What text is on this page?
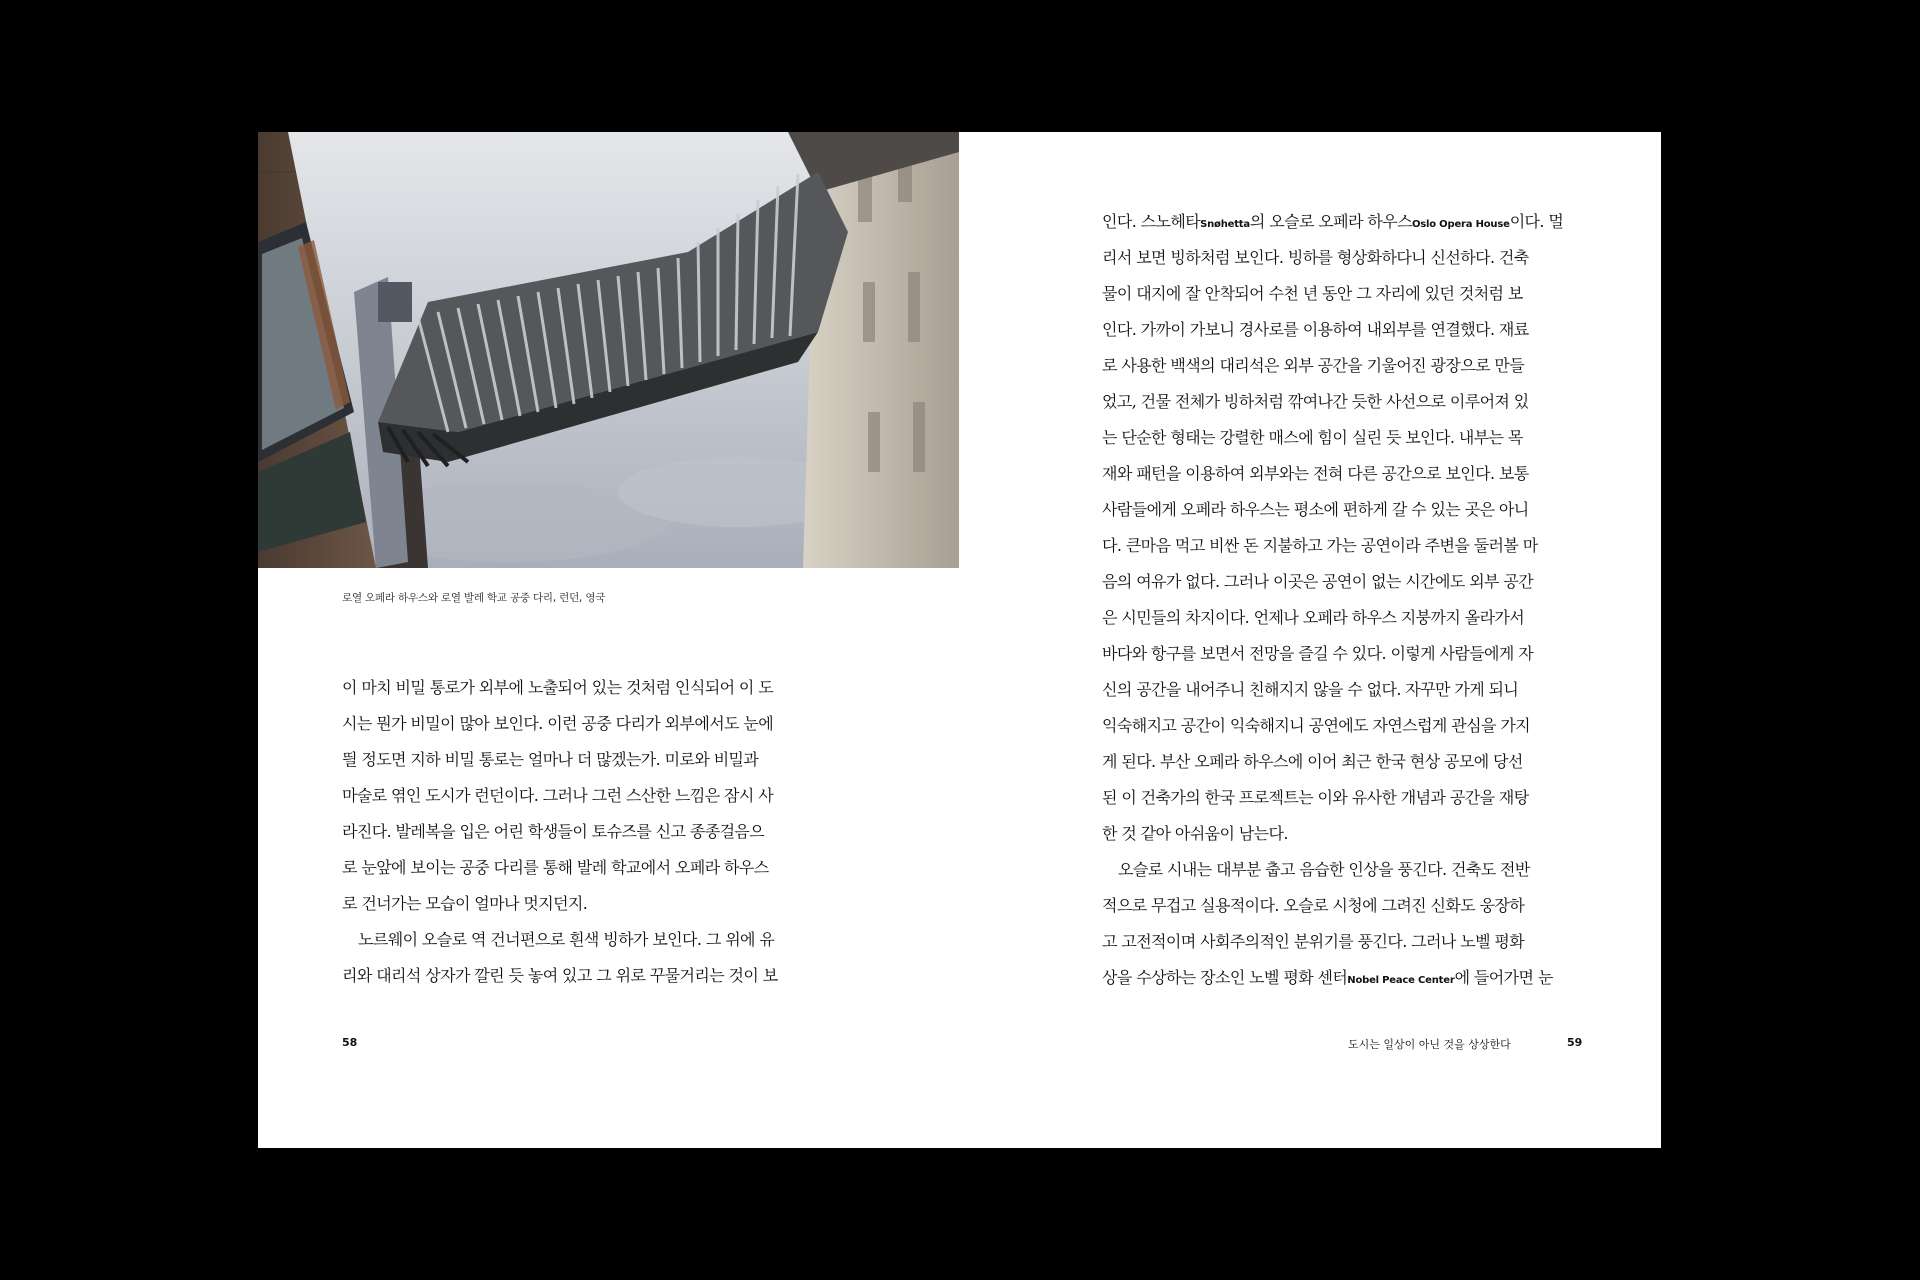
로열 오페라 하우스와 로열 발레 학교 공중 다리, 런던, 영국

이 마치 비밀 통로가 외부에 노출되어 있는 것처럼 인식되어 이 도

시는 뭔가 비밀이 많아 보인다. 이런 공중 다리가 외부에서도 눈에

띌 정도면 지하 비밀 통로는 얼마나 더 많겠는가. 미로와 비밀과

마술로 엮인 도시가 런던이다. 그러나 그런 스산한 느낌은 잠시 사

라진다. 발레복을 입은 어린 학생들이 토슈즈를 신고 종종걸음으

로 눈앞에 보이는 공중 다리를 통해 발레 학교에서 오페라 하우스

로 건너가는 모습이 얼마나 멋지던지.

노르웨이 오슬로 역 건너편으로 흰색 빙하가 보인다. 그 위에 유

리와 대리석 상자가 깔린 듯 놓여 있고 그 위로 꾸물거리는 것이 보

58

인다. 스노헤타Snøhetta의 오슬로 오페라 하우스Oslo Opera House이다. 멀

리서 보면 빙하처럼 보인다. 빙하를 형상화하다니 신선하다. 건축

물이 대지에 잘 안착되어 수천 년 동안 그 자리에 있던 것처럼 보

인다. 가까이 가보니 경사로를 이용하여 내외부를 연결했다. 재료

로 사용한 백색의 대리석은 외부 공간을 기울어진 광장으로 만들

었고, 건물 전체가 빙하처럼 깎여나간 듯한 사선으로 이루어져 있

는 단순한 형태는 강렬한 매스에 힘이 실린 듯 보인다. 내부는 목

재와 패턴을 이용하여 외부와는 전혀 다른 공간으로 보인다. 보통

사람들에게 오페라 하우스는 평소에 편하게 갈 수 있는 곳은 아니

다. 큰마음 먹고 비싼 돈 지불하고 가는 공연이라 주변을 둘러볼 마

음의 여유가 없다. 그러나 이곳은 공연이 없는 시간에도 외부 공간

은 시민들의 차지이다. 언제나 오페라 하우스 지붕까지 올라가서

바다와 항구를 보면서 전망을 즐길 수 있다. 이렇게 사람들에게 자

신의 공간을 내어주니 친해지지 않을 수 없다. 자꾸만 가게 되니

익숙해지고 공간이 익숙해지니 공연에도 자연스럽게 관심을 가지

게 된다. 부산 오페라 하우스에 이어 최근 한국 현상 공모에 당선

된 이 건축가의 한국 프로젝트는 이와 유사한 개념과 공간을 재탕

한 것 같아 아쉬움이 남는다.

오슬로 시내는 대부분 춥고 음습한 인상을 풍긴다. 건축도 전반

적으로 무겁고 실용적이다. 오슬로 시청에 그려진 신화도 웅장하

고 고전적이며 사회주의적인 분위기를 풍긴다. 그러나 노벨 평화

상을 수상하는 장소인 노벨 평화 센터Nobel Peace Center에 들어가면 눈

도시는 일상이 아닌 것을 상상한다	59
